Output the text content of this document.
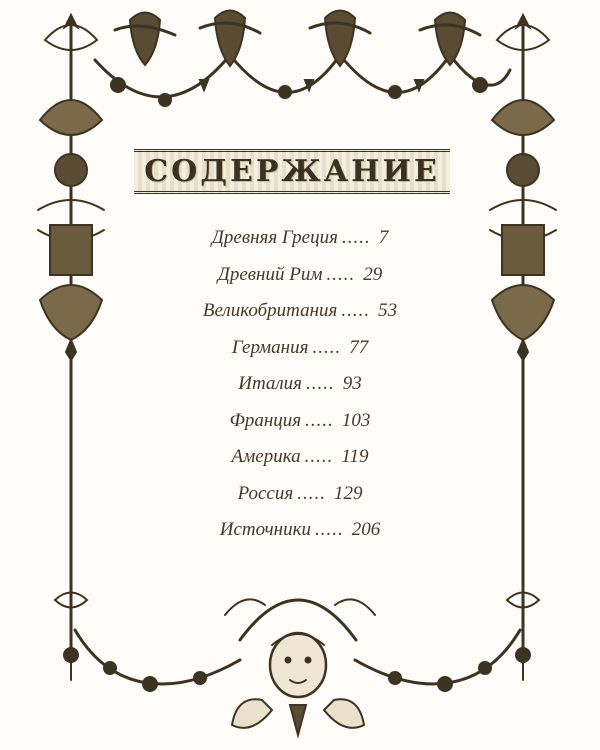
СОДЕРЖАНИЕ
Древняя Греция ..... 7
Древний Рим ..... 29
Великобритания ..... 53
Германия ..... 77
Италия ..... 93
Франция ..... 103
Америка ..... 119
Россия ..... 129
Источники ..... 206
